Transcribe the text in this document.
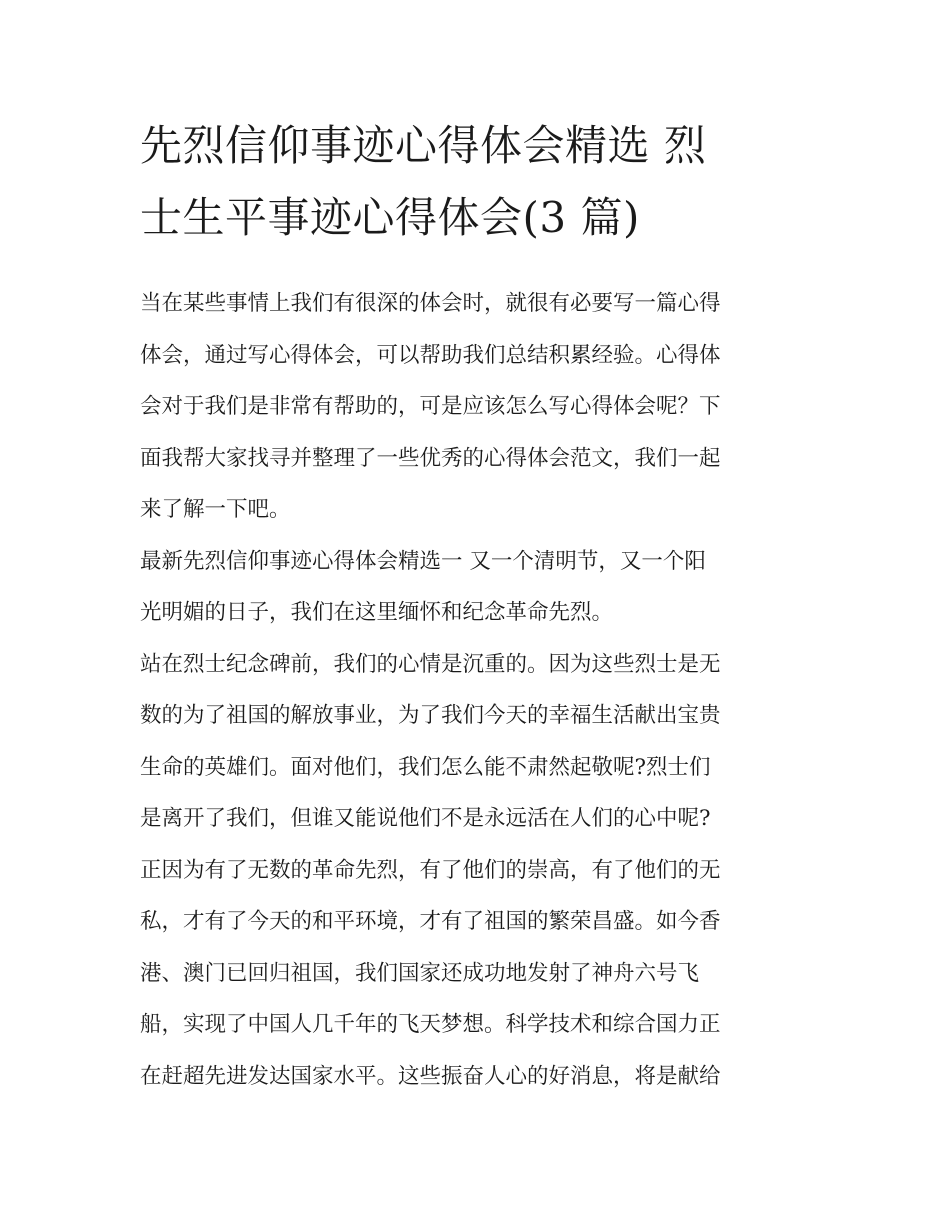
先烈信仰事迹心得体会精选 烈
士生平事迹心得体会(3 篇)
当在某些事情上我们有很深的体会时，就很有必要写一篇心得
体会，通过写心得体会，可以帮助我们总结积累经验。心得体
会对于我们是非常有帮助的，可是应该怎么写心得体会呢？下
面我帮大家找寻并整理了一些优秀的心得体会范文，我们一起
来了解一下吧。
最新先烈信仰事迹心得体会精选一 又一个清明节，又一个阳
光明媚的日子，我们在这里缅怀和纪念革命先烈。
站在烈士纪念碑前，我们的心情是沉重的。因为这些烈士是无
数的为了祖国的解放事业，为了我们今天的幸福生活献出宝贵
生命的英雄们。面对他们，我们怎么能不肃然起敬呢?烈士们
是离开了我们，但谁又能说他们不是永远活在人们的心中呢?
正因为有了无数的革命先烈，有了他们的崇高，有了他们的无
私，才有了今天的和平环境，才有了祖国的繁荣昌盛。如今香
港、澳门已回归祖国，我们国家还成功地发射了神舟六号飞
船，实现了中国人几千年的飞天梦想。科学技术和综合国力正
在赶超先进发达国家水平。这些振奋人心的好消息，将是献给
